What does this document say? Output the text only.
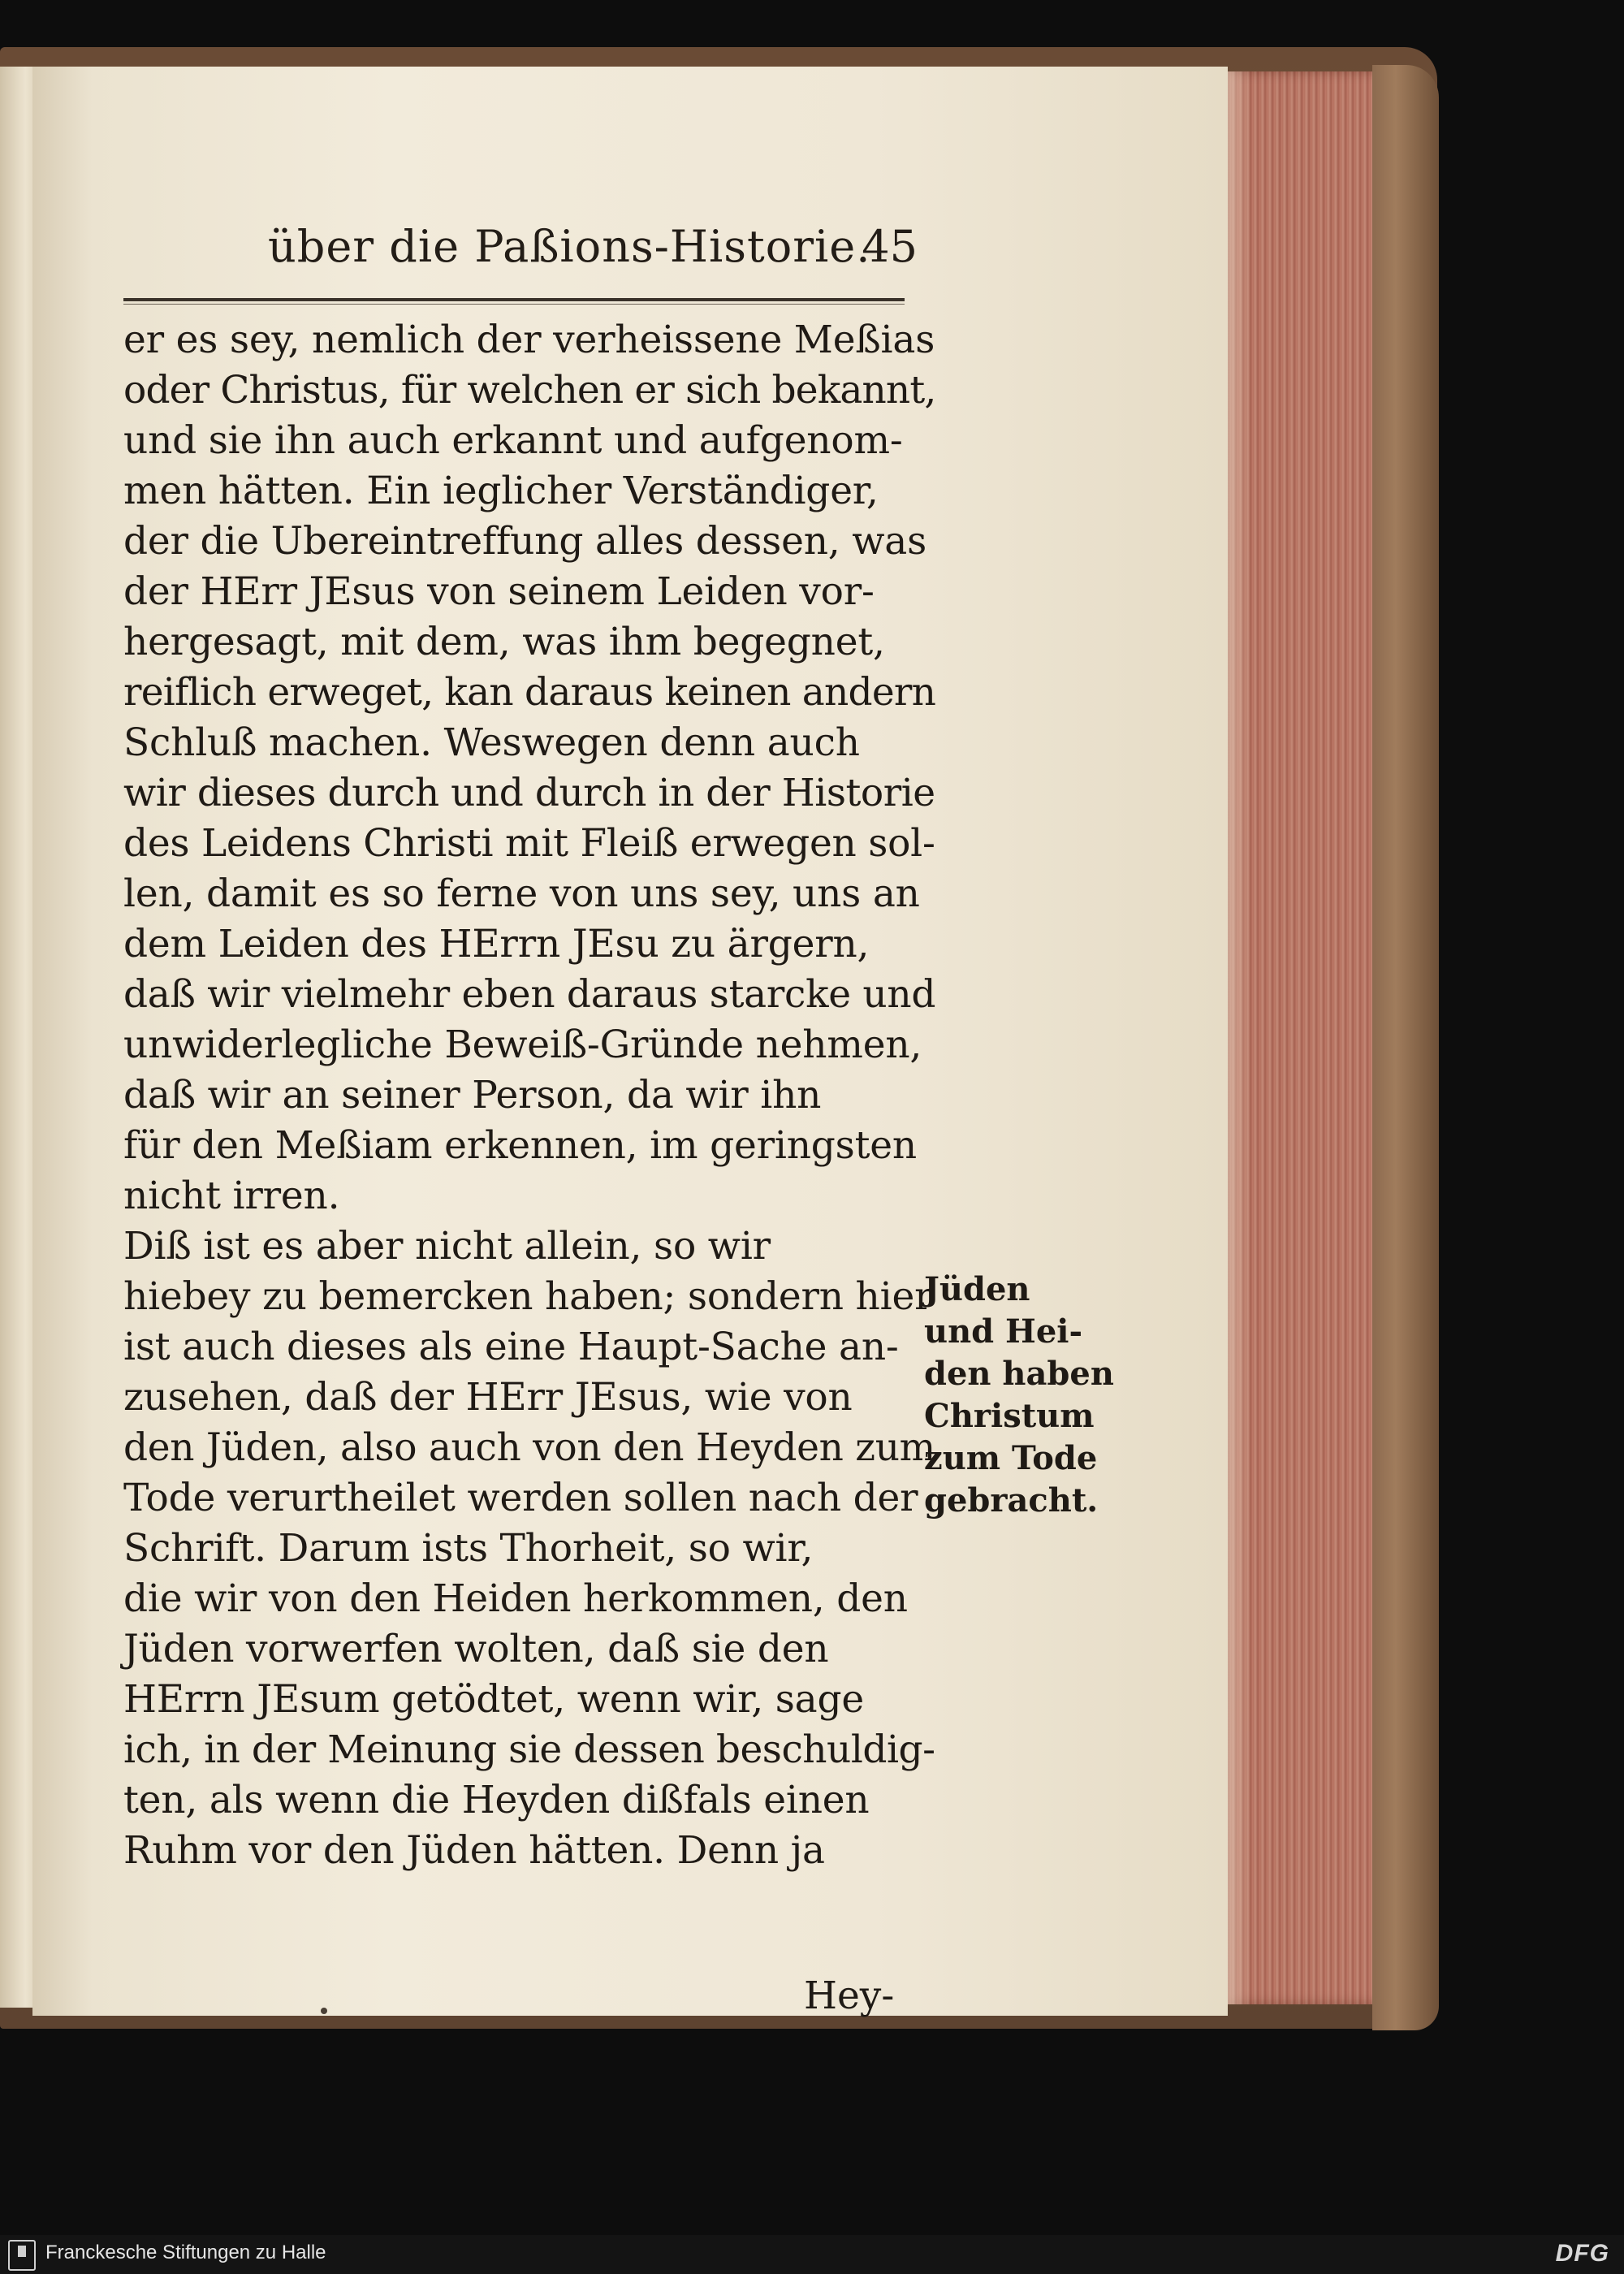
über die Paßions-Historie.
45
er es sey, nemlich der verheissene Meßias
oder Christus, für welchen er sich bekannt,
und sie ihn auch erkannt und aufgenom-
men hätten. Ein ieglicher Verständiger,
der die Ubereintreffung alles dessen, was
der HErr JEsus von seinem Leiden vor-
hergesagt, mit dem, was ihm begegnet,
reiflich erweget, kan daraus keinen andern
Schluß machen. Weswegen denn auch
wir dieses durch und durch in der Historie
des Leidens Christi mit Fleiß erwegen sol-
len, damit es so ferne von uns sey, uns an
dem Leiden des HErrn JEsu zu ärgern,
daß wir vielmehr eben daraus starcke und
unwiderlegliche Beweiß-Gründe nehmen,
daß wir an seiner Person, da wir ihn
für den Meßiam erkennen, im geringsten
nicht irren.
Diß ist es aber nicht allein, so wir
hiebey zu bemercken haben; sondern hier
ist auch dieses als eine Haupt-Sache an-
zusehen, daß der HErr JEsus, wie von
den Jüden, also auch von den Heyden zum
Tode verurtheilet werden sollen nach der
Schrift. Darum ists Thorheit, so wir,
die wir von den Heiden herkommen, den
Jüden vorwerfen wolten, daß sie den
HErrn JEsum getödtet, wenn wir, sage
ich, in der Meinung sie dessen beschuldig-
ten, als wenn die Heyden dißfals einen
Ruhm vor den Jüden hätten. Denn ja
Jüden
und Hei-
den haben
Christum
zum Tode
gebracht.
Hey-
Franckesche Stiftungen zu Halle	DFG
